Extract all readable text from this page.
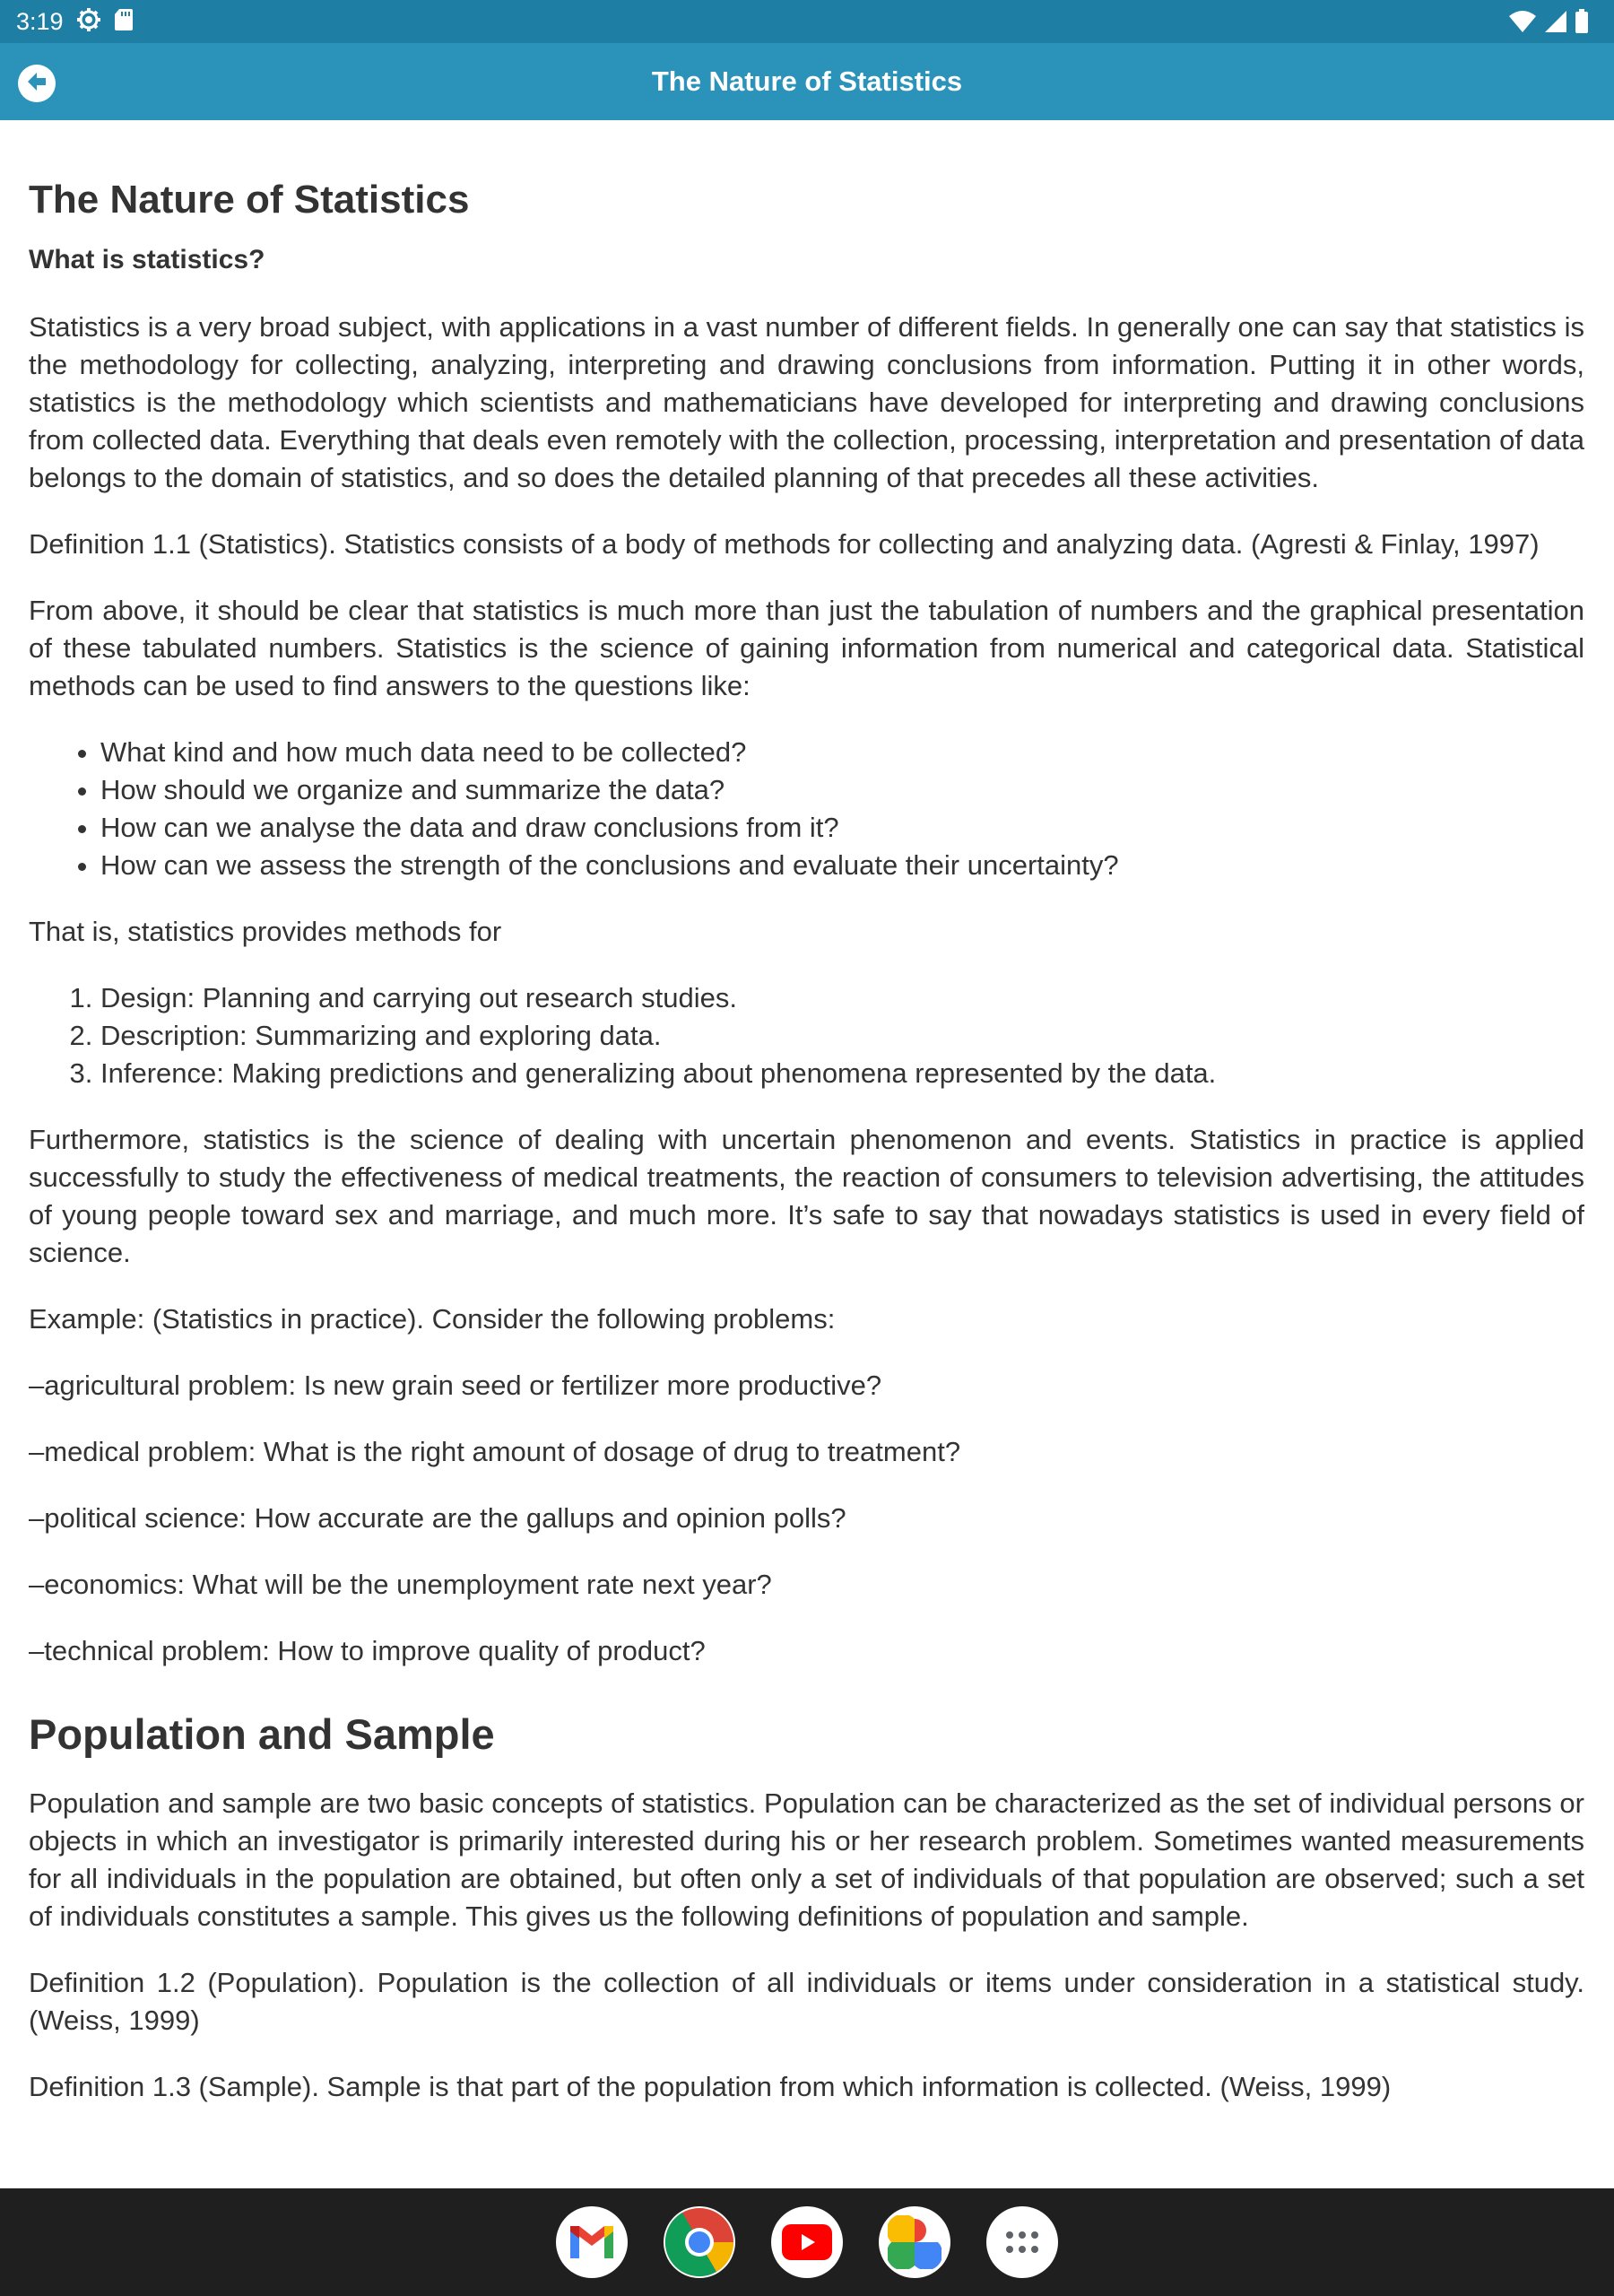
3:19
The Nature of Statistics
The Nature of Statistics
What is statistics?

Statistics is a very broad subject, with applications in a vast number of different fields. In generally one can say that statistics is the methodology for collecting, analyzing, interpreting and drawing conclusions from information. Putting it in other words, statistics is the methodology which scientists and mathematicians have developed for interpreting and drawing conclusions from collected data. Everything that deals even remotely with the collection, processing, interpretation and presentation of data belongs to the domain of statistics, and so does the detailed planning of that precedes all these activities.

Definition 1.1 (Statistics). Statistics consists of a body of methods for collecting and analyzing data. (Agresti & Finlay, 1997)

From above, it should be clear that statistics is much more than just the tabulation of numbers and the graphical presentation of these tabulated numbers. Statistics is the science of gaining information from numerical and categorical data. Statistical methods can be used to find answers to the questions like:

• What kind and how much data need to be collected?
• How should we organize and summarize the data?
• How can we analyse the data and draw conclusions from it?
• How can we assess the strength of the conclusions and evaluate their uncertainty?

That is, statistics provides methods for

1. Design: Planning and carrying out research studies.
2. Description: Summarizing and exploring data.
3. Inference: Making predictions and generalizing about phenomena represented by the data.

Furthermore, statistics is the science of dealing with uncertain phenomenon and events. Statistics in practice is applied successfully to study the effectiveness of medical treatments, the reaction of consumers to television advertising, the attitudes of young people toward sex and marriage, and much more. It’s safe to say that nowadays statistics is used in every field of science.

Example: (Statistics in practice). Consider the following problems:

–agricultural problem: Is new grain seed or fertilizer more productive?

–medical problem: What is the right amount of dosage of drug to treatment?

–political science: How accurate are the gallups and opinion polls?

–economics: What will be the unemployment rate next year?

–technical problem: How to improve quality of product?

Population and Sample

Population and sample are two basic concepts of statistics. Population can be characterized as the set of individual persons or objects in which an investigator is primarily interested during his or her research problem. Sometimes wanted measurements for all individuals in the population are obtained, but often only a set of individuals of that population are observed; such a set of individuals constitutes a sample. This gives us the following definitions of population and sample.

Definition 1.2 (Population). Population is the collection of all individuals or items under consideration in a statistical study. (Weiss, 1999)

Definition 1.3 (Sample). Sample is that part of the population from which information is collected. (Weiss, 1999)
